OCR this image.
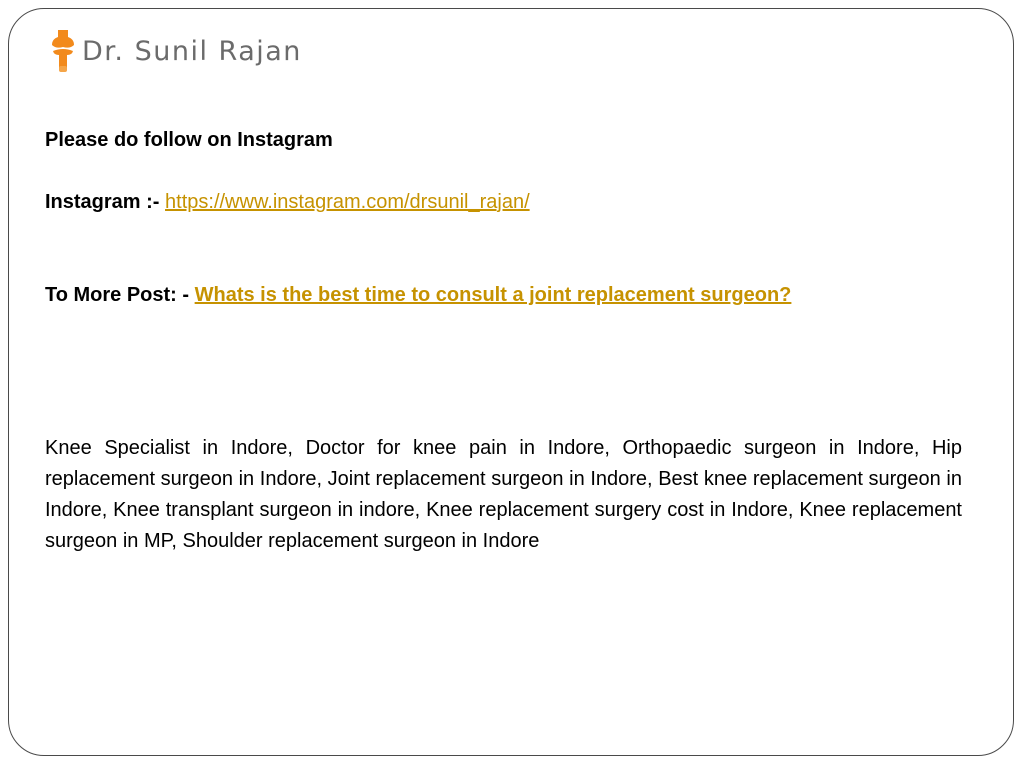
Dr. Sunil Rajan
Please do follow on Instagram
Instagram :- https://www.instagram.com/drsunil_rajan/
To More Post: - Whats is the best time to consult a joint replacement surgeon?
Knee Specialist in Indore, Doctor for knee pain in Indore, Orthopaedic surgeon in Indore, Hip replacement surgeon in Indore, Joint replacement surgeon in Indore, Best knee replacement surgeon in Indore, Knee transplant surgeon in indore, Knee replacement surgery cost in Indore, Knee replacement surgeon in MP, Shoulder replacement surgeon in Indore
